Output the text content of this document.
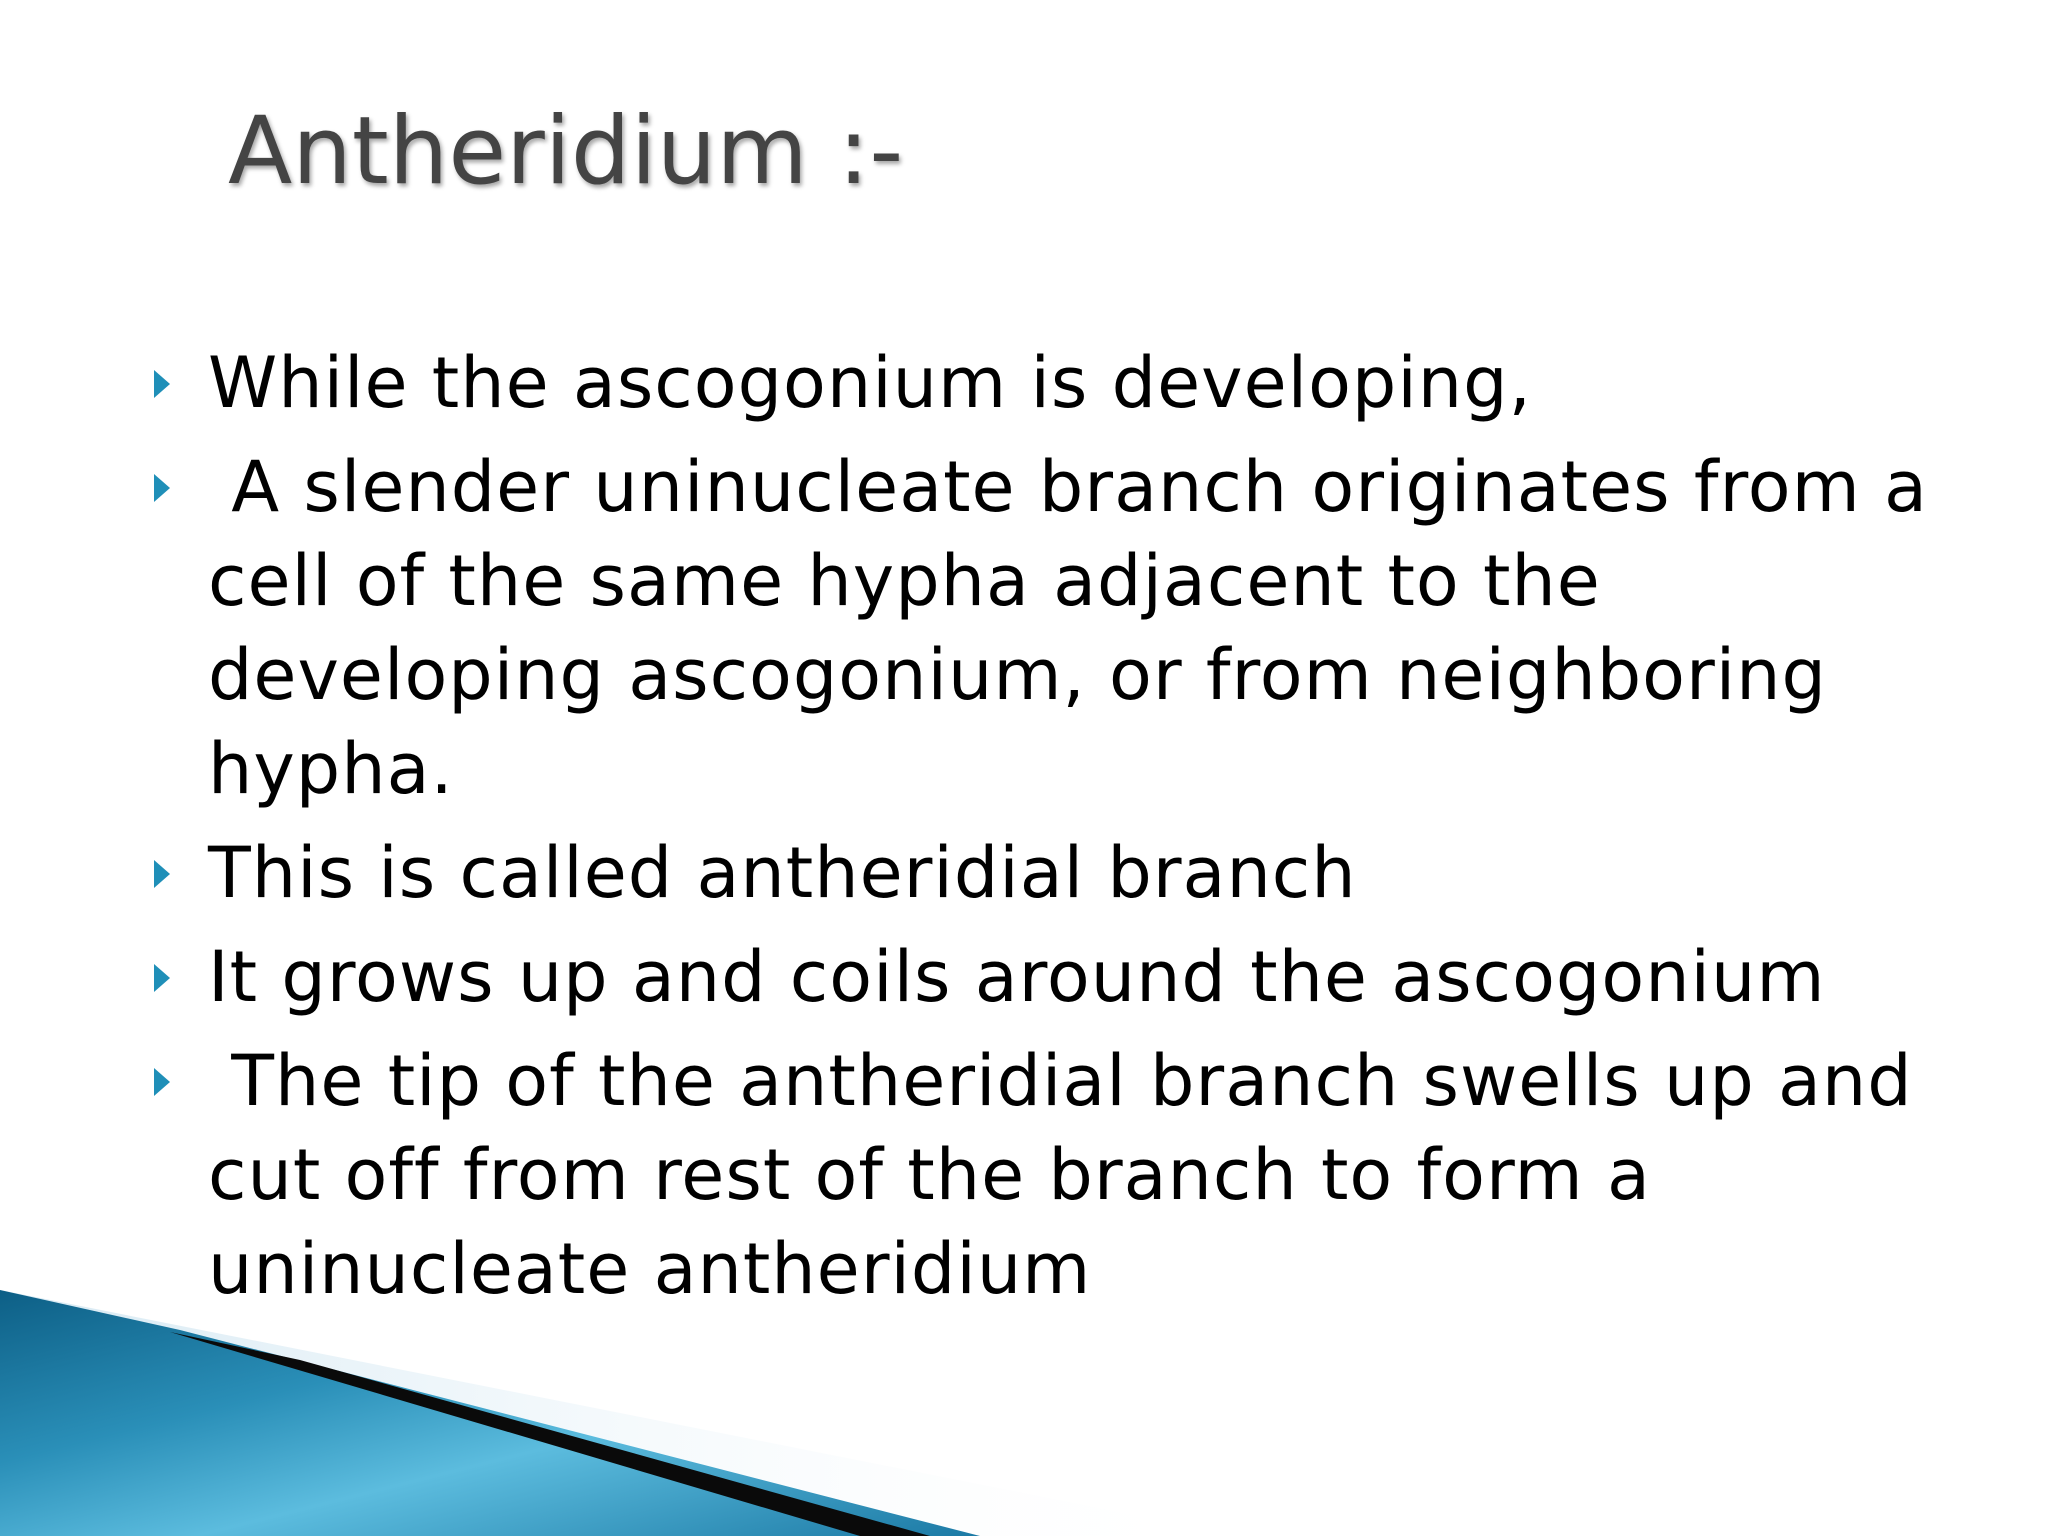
Antheridium :-
While the ascogonium is developing,
A slender uninucleate branch originates from a cell of the same hypha adjacent to the developing ascogonium, or from neighboring hypha.
This is called antheridial branch
It grows up and coils around the ascogonium
The tip of the antheridial branch swells up and cut off from rest of the branch to form a uninucleate antheridium
